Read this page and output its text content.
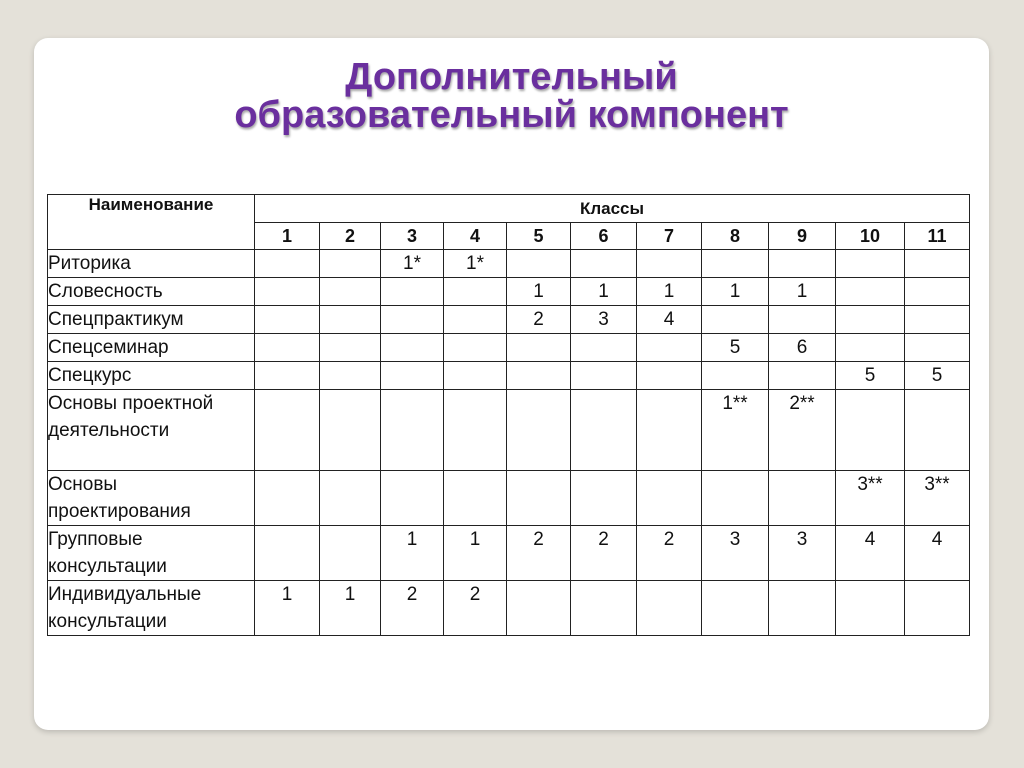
Дополнительный
образовательный компонент
Наименование	Классы										
	1	2	3	4	5	6	7	8	9	10	11
Риторика			1*	1*							
Словесность					1	1	1	1	1		
Спецпрактикум					2	3	4				
Спецсеминар								5	6		
Спецкурс										5	5
Основы проектной деятельности								1**	2**		
Основы проектирования										3**	3**
Групповые консультации			1	1	2	2	2	3	3	4	4
Индивидуальные консультации	1	1	2	2							
